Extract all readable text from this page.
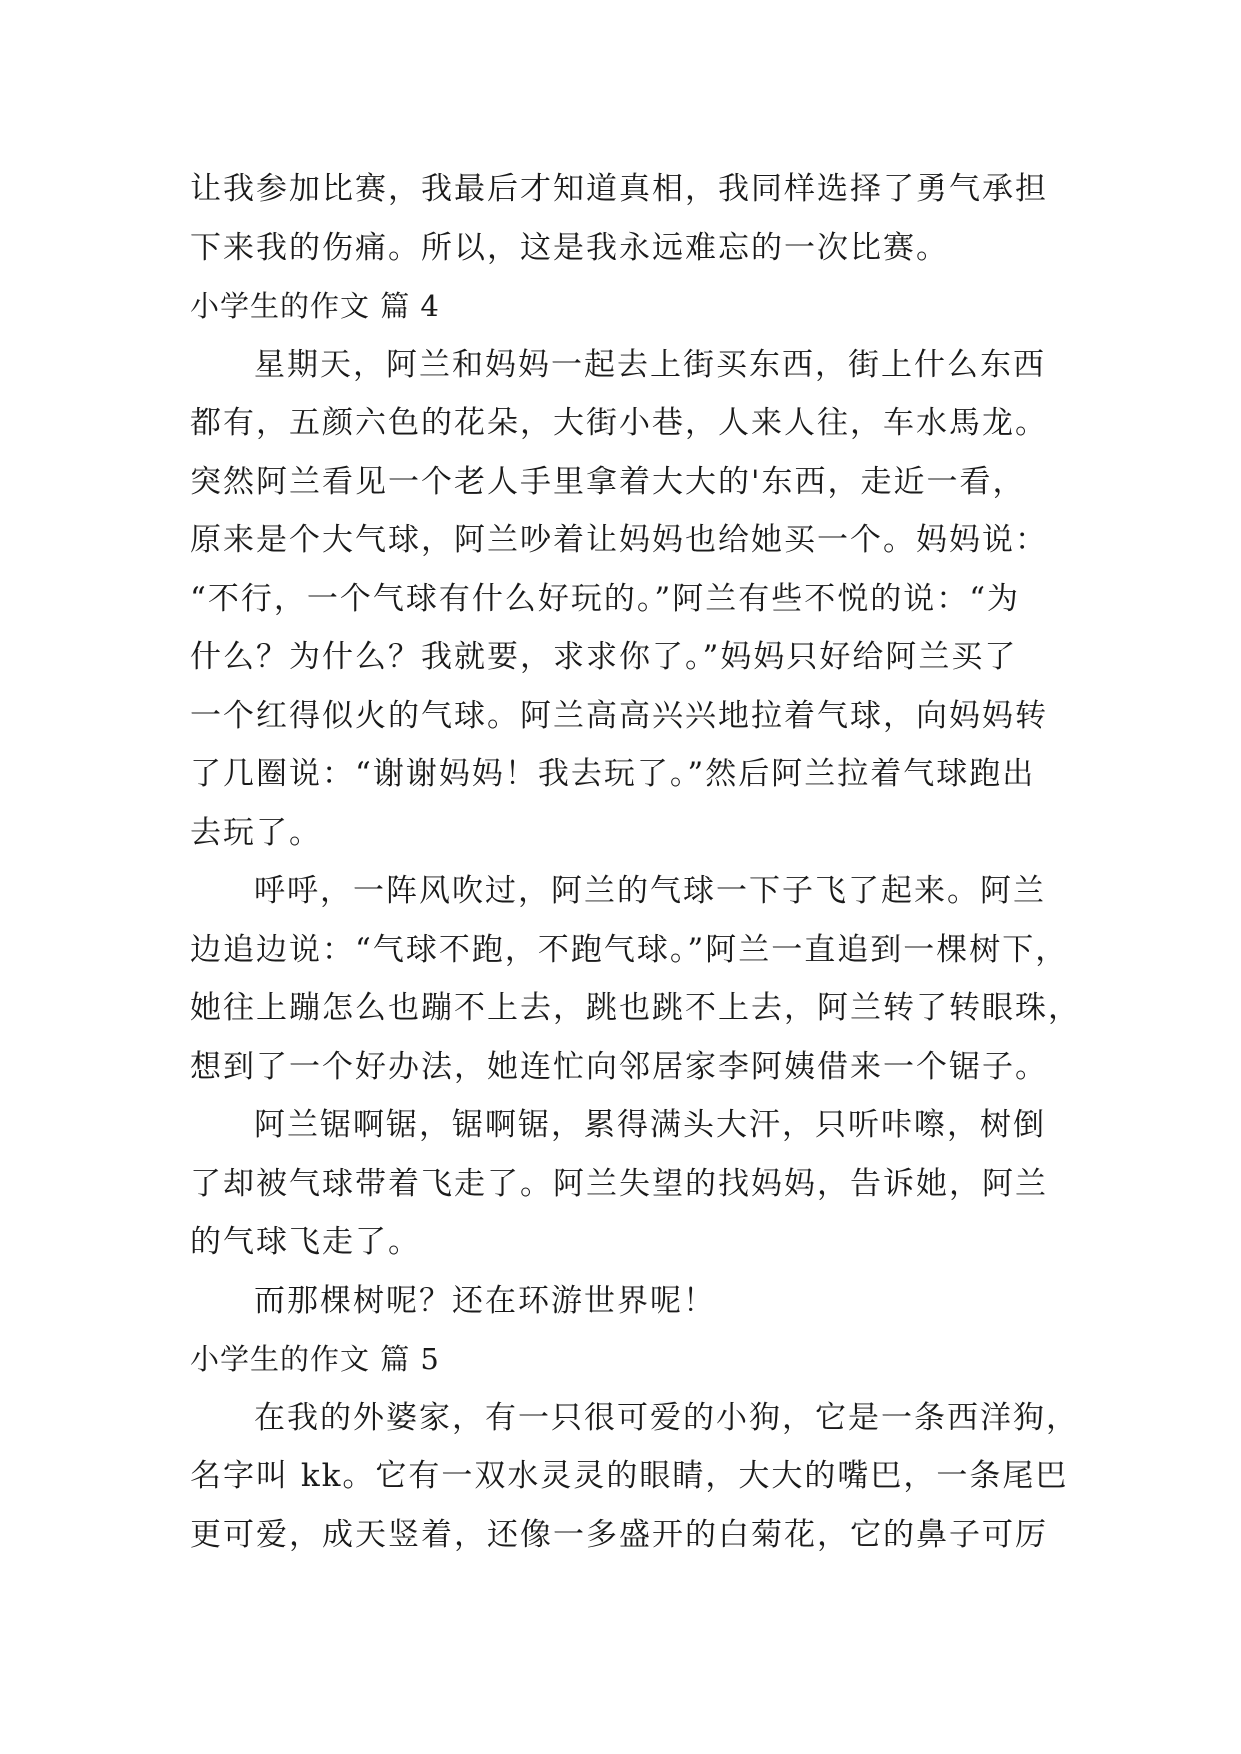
让我参加比赛，我最后才知道真相，我同样选择了勇气承担
下来我的伤痛。所以，这是我永远难忘的一次比赛。
小学生的作文 篇 4
星期天，阿兰和妈妈一起去上街买东西，街上什么东西
都有，五颜六色的花朵，大街小巷，人来人往，车水馬龙。
突然阿兰看见一个老人手里拿着大大的'东西，走近一看，
原来是个大气球，阿兰吵着让妈妈也给她买一个。妈妈说：
“不行，一个气球有什么好玩的。”阿兰有些不悦的说：“为
什么？为什么？我就要，求求你了。”妈妈只好给阿兰买了
一个红得似火的气球。阿兰高高兴兴地拉着气球，向妈妈转
了几圈说：“谢谢妈妈！我去玩了。”然后阿兰拉着气球跑出
去玩了。
呼呼，一阵风吹过，阿兰的气球一下子飞了起来。阿兰
边追边说：“气球不跑，不跑气球。”阿兰一直追到一棵树下，
她往上蹦怎么也蹦不上去，跳也跳不上去，阿兰转了转眼珠，
想到了一个好办法，她连忙向邻居家李阿姨借来一个锯子。
阿兰锯啊锯，锯啊锯，累得满头大汗，只听咔嚓，树倒
了却被气球带着飞走了。阿兰失望的找妈妈，告诉她，阿兰
的气球飞走了。
而那棵树呢？还在环游世界呢！
小学生的作文 篇 5
在我的外婆家，有一只很可爱的小狗，它是一条西洋狗，
名字叫 kk。它有一双水灵灵的眼睛，大大的嘴巴，一条尾巴
更可爱，成天竖着，还像一多盛开的白菊花，它的鼻子可厉
